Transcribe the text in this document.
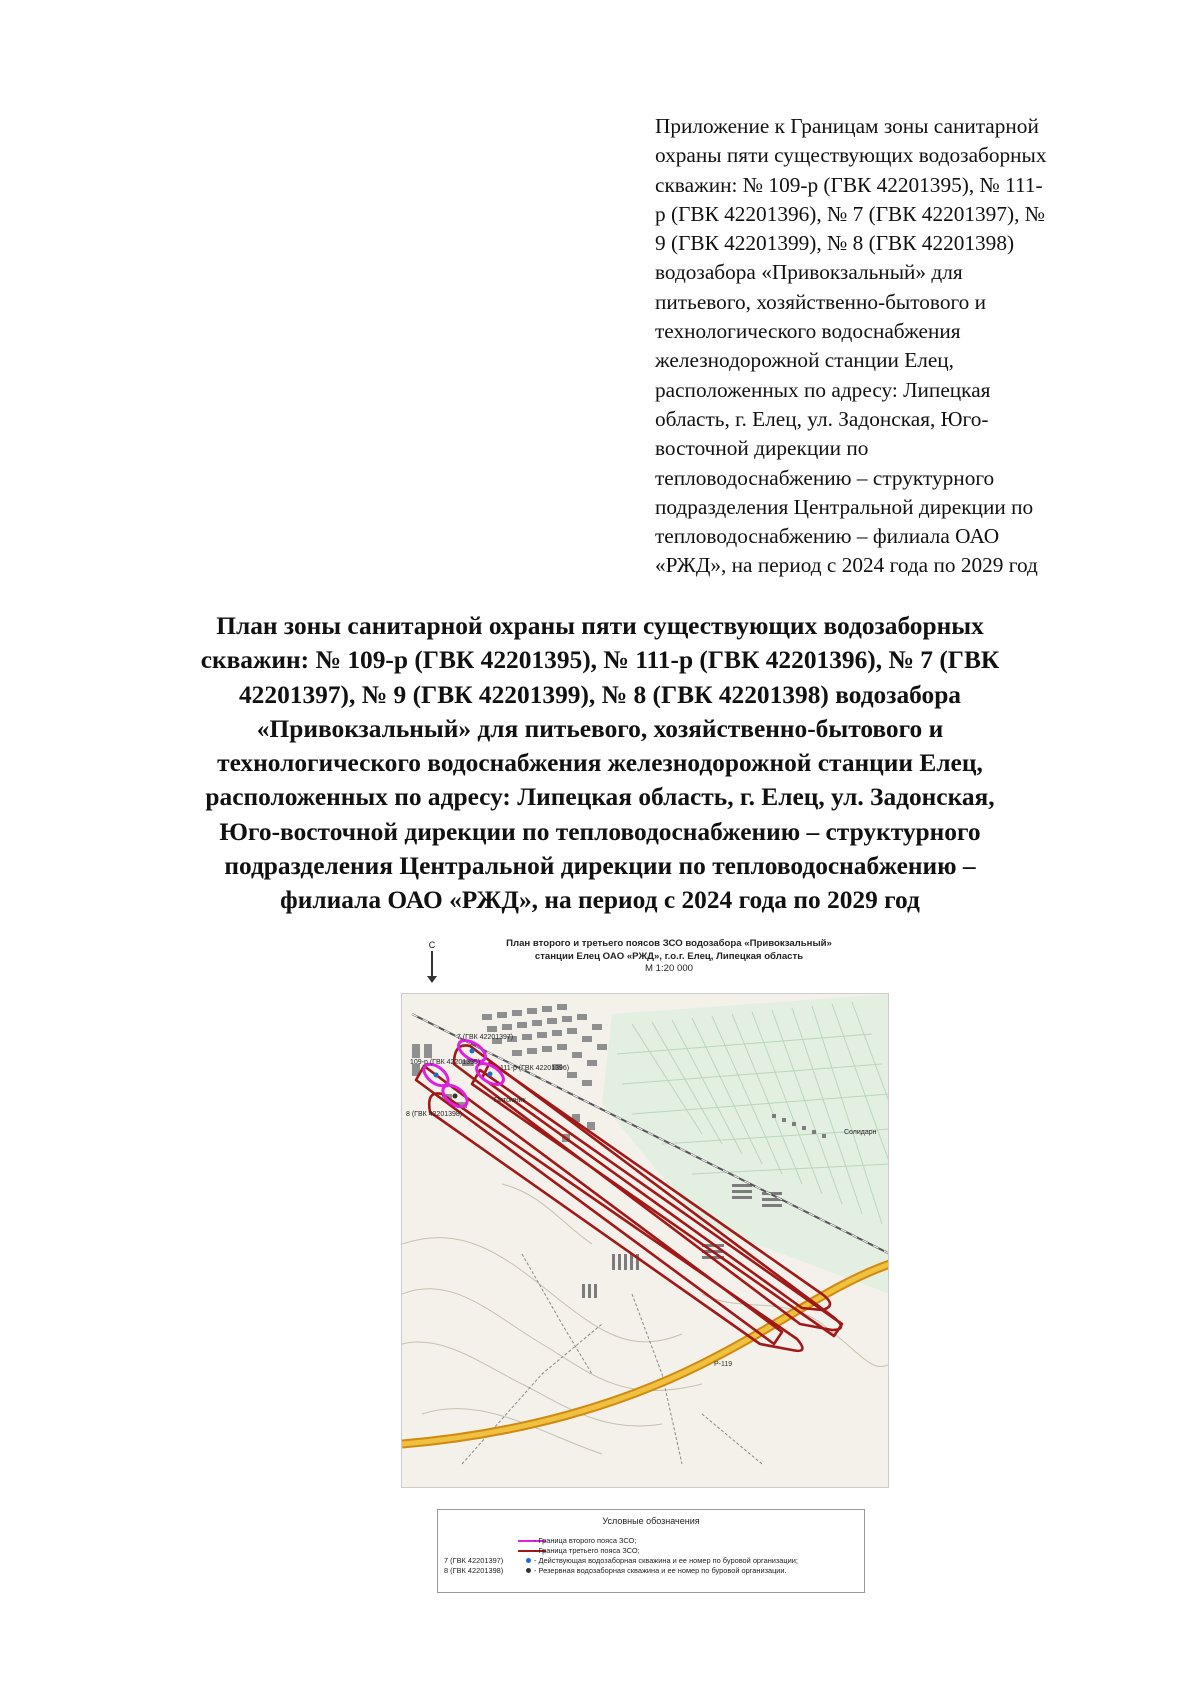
Приложение к Границам зоны санитарной
охраны пяти существующих водозаборных
скважин: № 109-р (ГВК 42201395), № 111-
р (ГВК 42201396), № 7 (ГВК 42201397), №
9 (ГВК 42201399), № 8 (ГВК 42201398)
водозабора «Привокзальный» для
питьевого, хозяйственно-бытового и
технологического водоснабжения
железнодорожной станции Елец,
расположенных по адресу: Липецкая
область, г. Елец, ул. Задонская, Юго-
восточной дирекции по
тепловодоснабжению – структурного
подразделения Центральной дирекции по
тепловодоснабжению – филиала ОАО
«РЖД», на период с 2024 года по 2029 год
План зоны санитарной охраны пяти существующих водозаборных
скважин: № 109-р (ГВК 42201395), № 111-р (ГВК 42201396), № 7 (ГВК
42201397), № 9 (ГВК 42201399), № 8 (ГВК 42201398) водозабора
«Привокзальный» для питьевого, хозяйственно-бытового и
технологического водоснабжения железнодорожной станции Елец,
расположенных по адресу: Липецкая область, г. Елец, ул. Задонская,
Юго-восточной дирекции по тепловодоснабжению – структурного
подразделения Центральной дирекции по тепловодоснабжению –
филиала ОАО «РЖД», на период с 2024 года по 2029 год
С	План второго и третьего поясов ЗСО водозабора «Привокзальный»
станции Елец ОАО «РЖД», г.о.г. Елец, Липецкая область
М 1:20 000
Р-119
7 (ГВК 42201397)
109-р (ГВК 42201395)
111-р (ГВК 42201396)
8 (ГВК 42201398)
Питомник
Солидарн
Условные обозначения
- Граница второго пояса ЗСО;
- Граница третьего пояса ЗСО;
7 (ГВК 42201397)	- Действующая водозаборная скважина и ее номер по буровой организации;
8 (ГВК 42201398)	- Резервная водозаборная скважина и ее номер по буровой организации.
